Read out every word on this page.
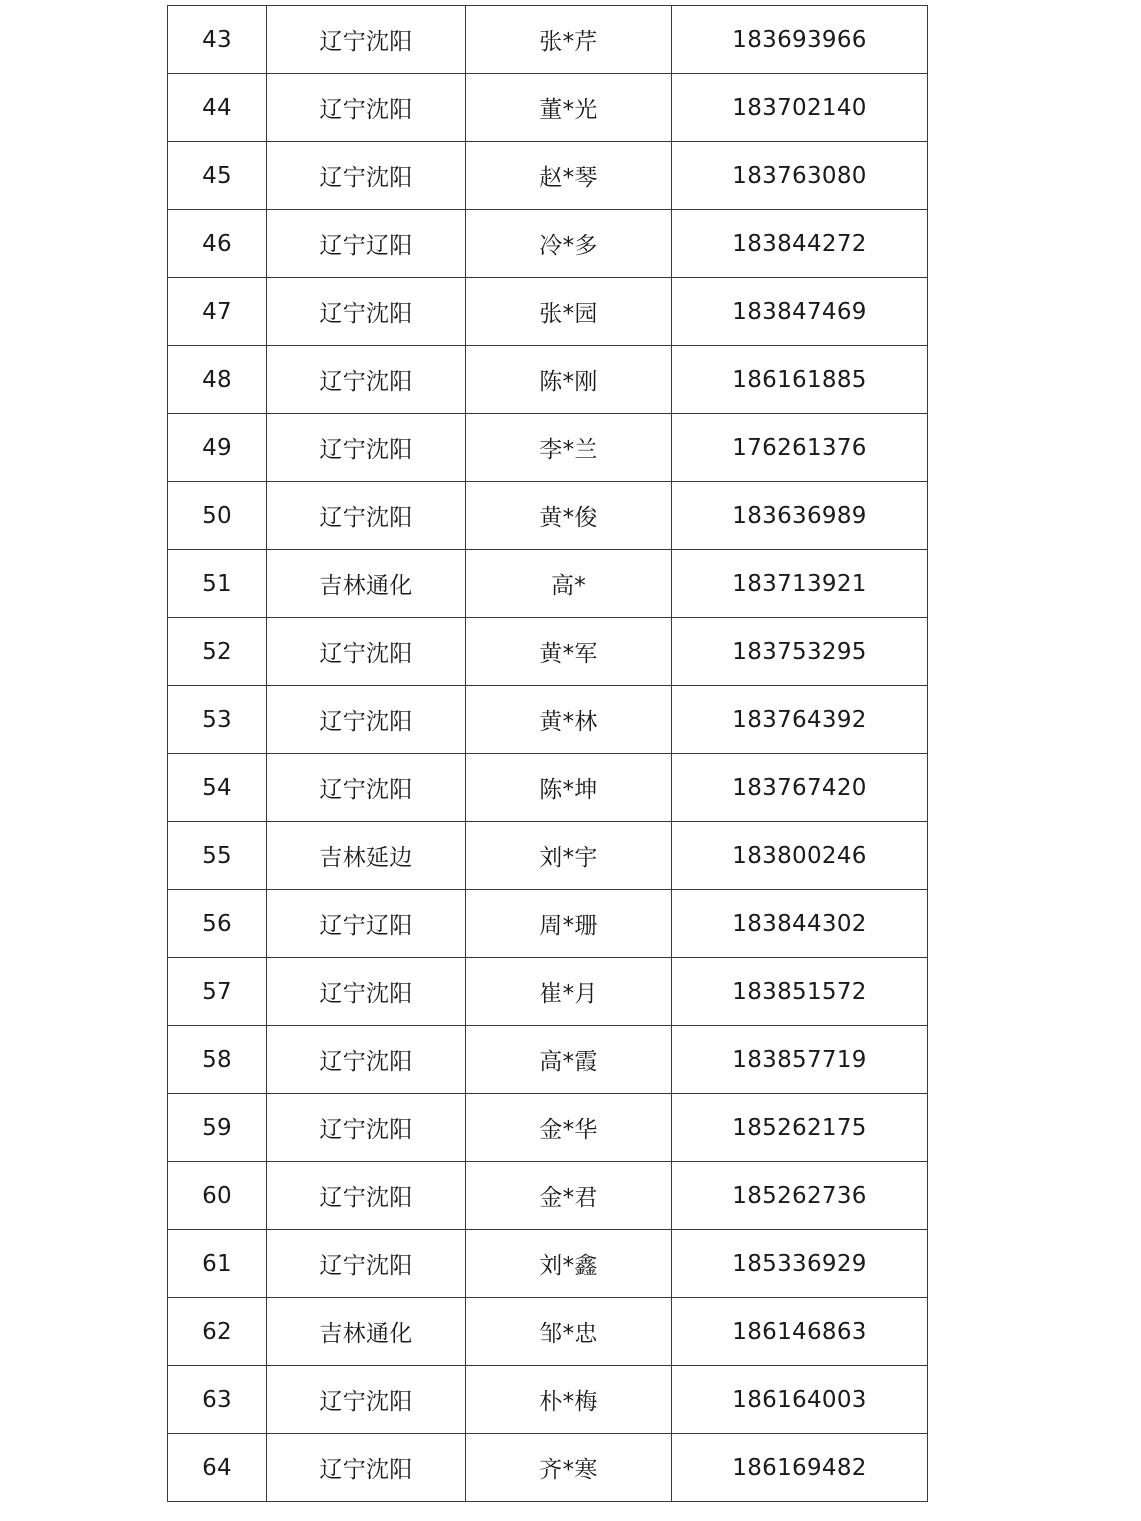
43	辽宁沈阳	张*芹	183693966
44	辽宁沈阳	董*光	183702140
45	辽宁沈阳	赵*琴	183763080
46	辽宁辽阳	冷*多	183844272
47	辽宁沈阳	张*园	183847469
48	辽宁沈阳	陈*刚	186161885
49	辽宁沈阳	李*兰	176261376
50	辽宁沈阳	黄*俊	183636989
51	吉林通化	高*	183713921
52	辽宁沈阳	黄*军	183753295
53	辽宁沈阳	黄*林	183764392
54	辽宁沈阳	陈*坤	183767420
55	吉林延边	刘*宇	183800246
56	辽宁辽阳	周*珊	183844302
57	辽宁沈阳	崔*月	183851572
58	辽宁沈阳	高*霞	183857719
59	辽宁沈阳	金*华	185262175
60	辽宁沈阳	金*君	185262736
61	辽宁沈阳	刘*鑫	185336929
62	吉林通化	邹*忠	186146863
63	辽宁沈阳	朴*梅	186164003
64	辽宁沈阳	齐*寒	186169482
